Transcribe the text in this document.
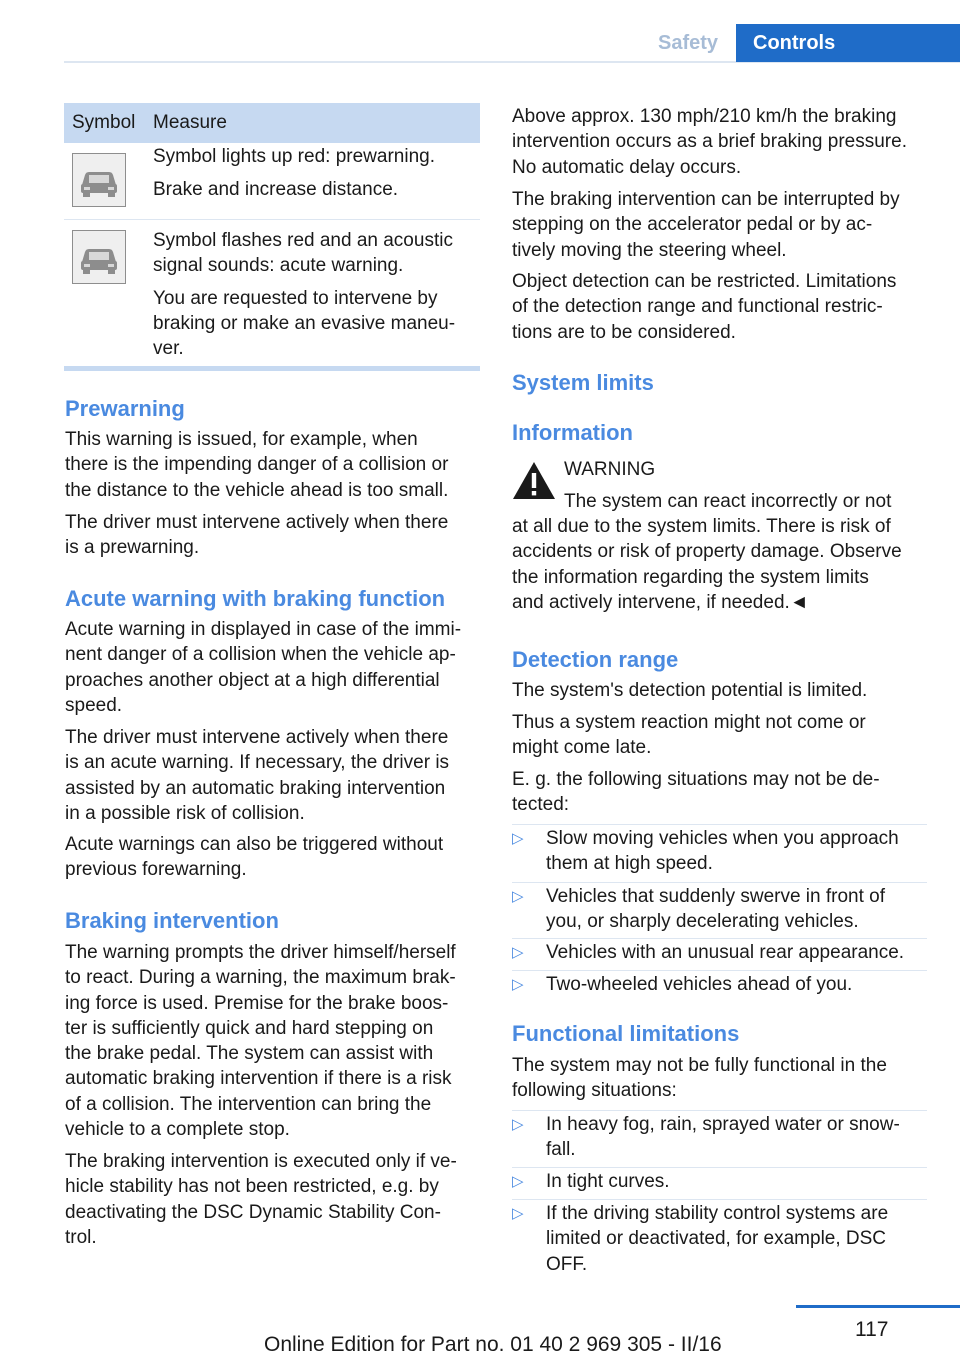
Safety	Controls
Symbol Measure

Symbol lights up red: prewarning.

Brake and increase distance.

Symbol flashes red and an acoustic

signal sounds: acute warning.

You are requested to intervene by

braking or make an evasive maneu-

ver.

Prewarning

This warning is issued, for example, when

there is the impending danger of a collision or

the distance to the vehicle ahead is too small.

The driver must intervene actively when there

is a prewarning.

Acute warning with braking function

Acute warning in displayed in case of the immi-

nent danger of a collision when the vehicle ap-

proaches another object at a high differential

speed.

The driver must intervene actively when there

is an acute warning. If necessary, the driver is

assisted by an automatic braking intervention

in a possible risk of collision.

Acute warnings can also be triggered without

previous forewarning.

Braking intervention

The warning prompts the driver himself/herself

to react. During a warning, the maximum brak-

ing force is used. Premise for the brake boos-

ter is sufficiently quick and hard stepping on

the brake pedal. The system can assist with

automatic braking intervention if there is a risk

of a collision. The intervention can bring the

vehicle to a complete stop.

The braking intervention is executed only if ve-

hicle stability has not been restricted, e.g. by

deactivating the DSC Dynamic Stability Con-

trol.

Above approx. 130 mph/210 km/h the braking

intervention occurs as a brief braking pressure.

No automatic delay occurs.

The braking intervention can be interrupted by

stepping on the accelerator pedal or by ac-

tively moving the steering wheel.

Object detection can be restricted. Limitations

of the detection range and functional restric-

tions are to be considered.

System limits

Information

WARNING

The system can react incorrectly or not

at all due to the system limits. There is risk of

accidents or risk of property damage. Observe

the information regarding the system limits

and actively intervene, if needed.◄

Detection range

The system's detection potential is limited.

Thus a system reaction might not come or

might come late.

E. g. the following situations may not be de-

tected:

▷ Slow moving vehicles when you approach

them at high speed.

▷ Vehicles that suddenly swerve in front of

you, or sharply decelerating vehicles.

▷ Vehicles with an unusual rear appearance.

▷ Two-wheeled vehicles ahead of you.

Functional limitations

The system may not be fully functional in the

following situations:

▷ In heavy fog, rain, sprayed water or snow-

fall.

▷ In tight curves.

▷ If the driving stability control systems are

limited or deactivated, for example, DSC

OFF.

117
Online Edition for Part no. 01 40 2 969 305 - II/16
